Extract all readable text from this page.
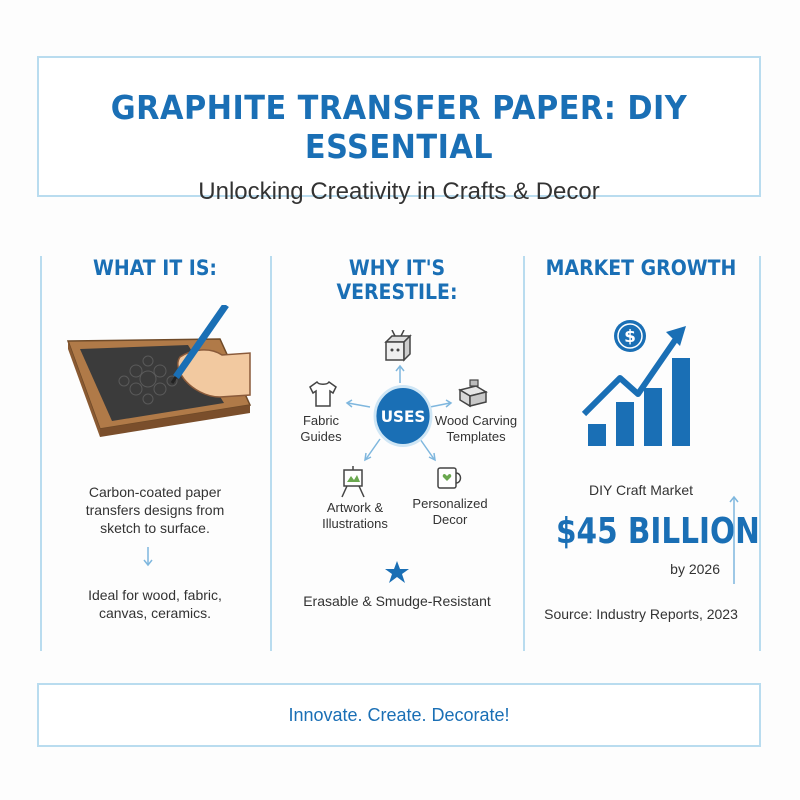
GRAPHITE TRANSFER PAPER: DIY ESSENTIAL
Unlocking Creativity in Crafts & Decor
WHAT IT IS:
Carbon-coated paper
transfers designs from
sketch to surface.
Ideal for wood, fabric,
canvas, ceramics.
WHY IT'S VERESTILE:
USES
Fabric
Guides
Wood Carving
Templates
Artwork &
Illustrations
Personalized
Decor
Erasable & Smudge-Resistant
MARKET GROWTH
$
DIY Craft Market
$45 BILLION
by 2026
Source: Industry Reports, 2023
Innovate. Create. Decorate!
